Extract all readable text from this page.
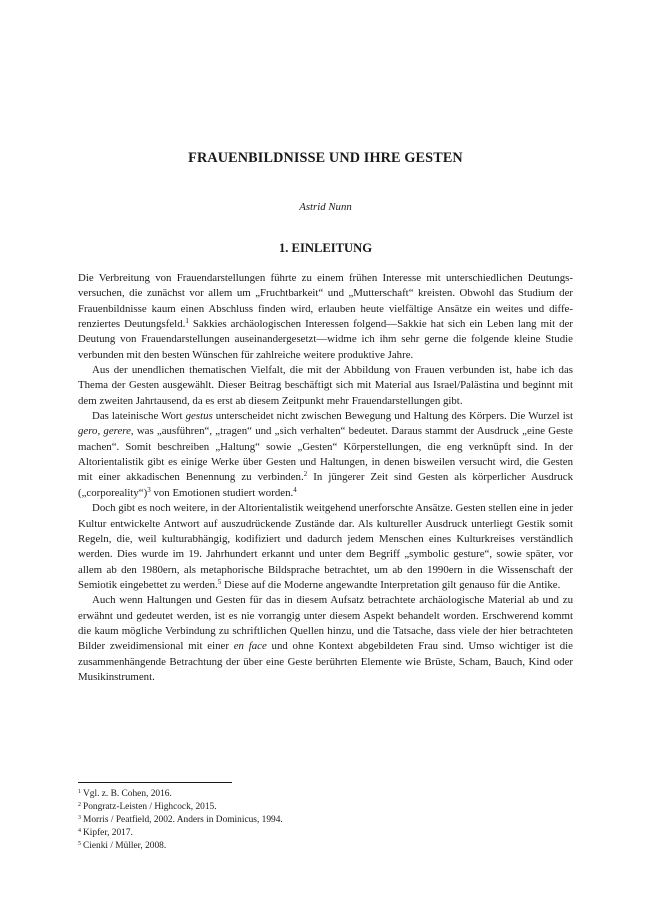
FRAUENBILDNISSE UND IHRE GESTEN
Astrid Nunn
1. EINLEITUNG

Die Verbreitung von Frauendarstellungen führte zu einem frühen Interesse mit unterschiedlichen Deutungsversuchen, die zunächst vor allem um „Fruchtbarkeit“ und „Mutterschaft“ kreisten. Obwohl das Studium der Frauenbildnisse kaum einen Abschluss finden wird, erlauben heute vielfältige Ansätze ein weites und differenziertes Deutungsfeld.$^1$ Sakkies archäologischen Interessen folgend—Sakkie hat sich ein Leben lang mit der Deutung von Frauendarstellungen auseinandergesetzt—widme ich ihm sehr gerne die folgende kleine Studie verbunden mit den besten Wünschen für zahlreiche weitere produktive Jahre.

Aus der unendlichen thematischen Vielfalt, die mit der Abbildung von Frauen verbunden ist, habe ich das Thema der Gesten ausgewählt. Dieser Beitrag beschäftigt sich mit Material aus Israel/Palästina und beginnt mit dem zweiten Jahrtausend, da es erst ab diesem Zeitpunkt mehr Frauendarstellungen gibt.

Das lateinische Wort gestus unterscheidet nicht zwischen Bewegung und Haltung des Körpers. Die Wurzel ist gero, gerere, was „ausführen“, „tragen“ und „sich verhalten“ bedeutet. Daraus stammt der Ausdruck „eine Geste machen“. Somit beschreiben „Haltung“ sowie „Gesten“ Körperstellungen, die eng verknüpft sind. In der Altorientalistik gibt es einige Werke über Gesten und Haltungen, in denen bisweilen versucht wird, die Gesten mit einer akkadischen Benennung zu verbinden.$^2$ In jüngerer Zeit sind Gesten als körperlicher Ausdruck („corporeality“)$^3$ von Emotionen studiert worden.$^4$

Doch gibt es noch weitere, in der Altorientalistik weitgehend unerforschte Ansätze. Gesten stellen eine in jeder Kultur entwickelte Antwort auf auszudrückende Zustände dar. Als kultureller Ausdruck unterliegt Gestik somit Regeln, die, weil kulturabhängig, kodifiziert und dadurch jedem Menschen eines Kulturkreises verständlich werden. Dies wurde im 19. Jahrhundert erkannt und unter dem Begriff „symbolic gesture“, sowie später, vor allem ab den 1980ern, als metaphorische Bildsprache betrachtet, um ab den 1990ern in die Wissenschaft der Semiotik eingebettet zu werden.$^5$ Diese auf die Moderne angewandte Interpretation gilt genauso für die Antike.

Auch wenn Haltungen und Gesten für das in diesem Aufsatz betrachtete archäologische Material ab und zu erwähnt und gedeutet werden, ist es nie vorrangig unter diesem Aspekt behandelt worden. Erschwerend kommt die kaum mögliche Verbindung zu schriftlichen Quellen hinzu, und die Tatsache, dass viele der hier betrachteten Bilder zweidimensional mit einer en face und ohne Kontext abgebildeten Frau sind. Umso wichtiger ist die zusammenhängende Betrachtung der über eine Geste berührten Elemente wie Brüste, Scham, Bauch, Kind oder Musikinstrument.

$^1$ Vgl. z. B. Cohen, 2016.

$^2$ Pongratz-Leisten / Highcock, 2015.

$^3$ Morris / Peatfield, 2002. Anders in Dominicus, 1994.

$^4$ Kipfer, 2017.

$^5$ Cienki / Müller, 2008.
